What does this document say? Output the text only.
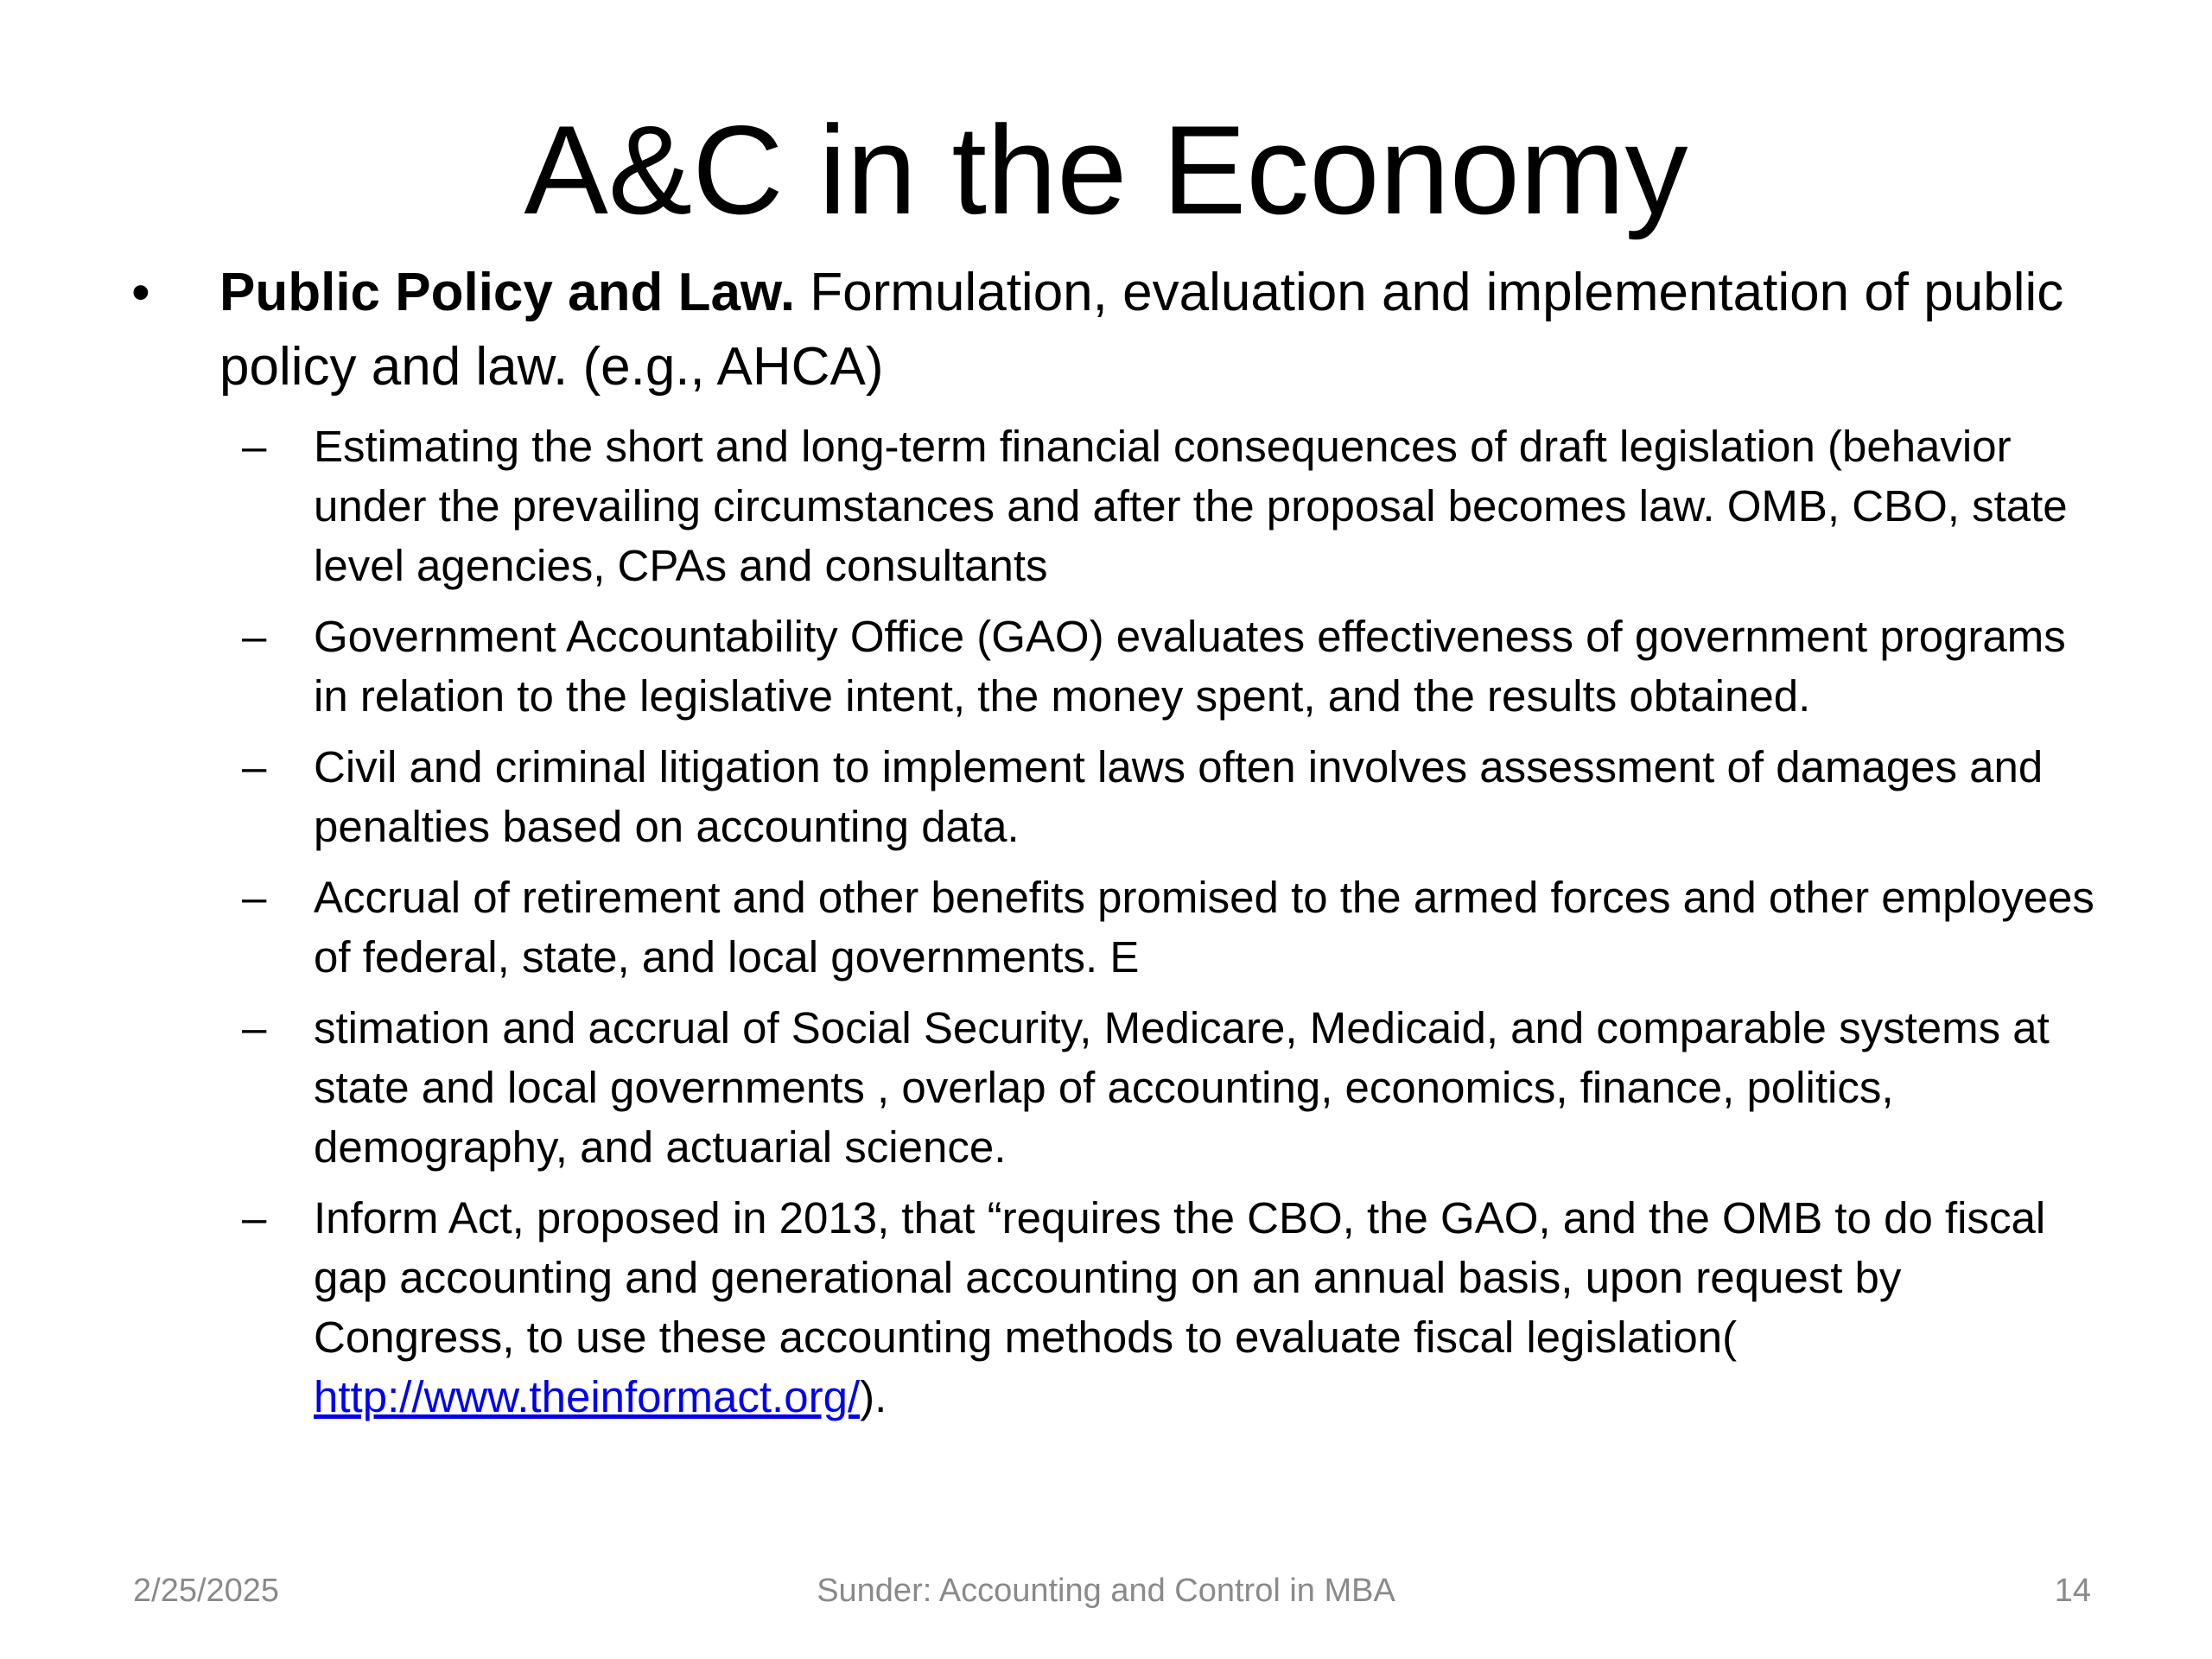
A&C in the Economy
• Public Policy and Law. Formulation, evaluation and implementation of public policy and law. (e.g., AHCA)
– Estimating the short and long-term financial consequences of draft legislation (behavior under the prevailing circumstances and after the proposal becomes law. OMB, CBO, state level agencies, CPAs and consultants
– Government Accountability Office (GAO) evaluates effectiveness of government programs in relation to the legislative intent, the money spent, and the results obtained.
– Civil and criminal litigation to implement laws often involves assessment of damages and penalties based on accounting data.
– Accrual of retirement and other benefits promised to the armed forces and other employees of federal, state, and local governments. E
– stimation and accrual of Social Security, Medicare, Medicaid, and comparable systems at state and local governments , overlap of accounting, economics, finance, politics, demography, and actuarial science.
– Inform Act, proposed in 2013, that “requires the CBO, the GAO, and the OMB to do fiscal gap accounting and generational accounting on an annual basis, upon request by Congress, to use these accounting methods to evaluate fiscal legislation( http://www.theinformact.org/).
2/25/2025	Sunder: Accounting and Control in MBA	14
